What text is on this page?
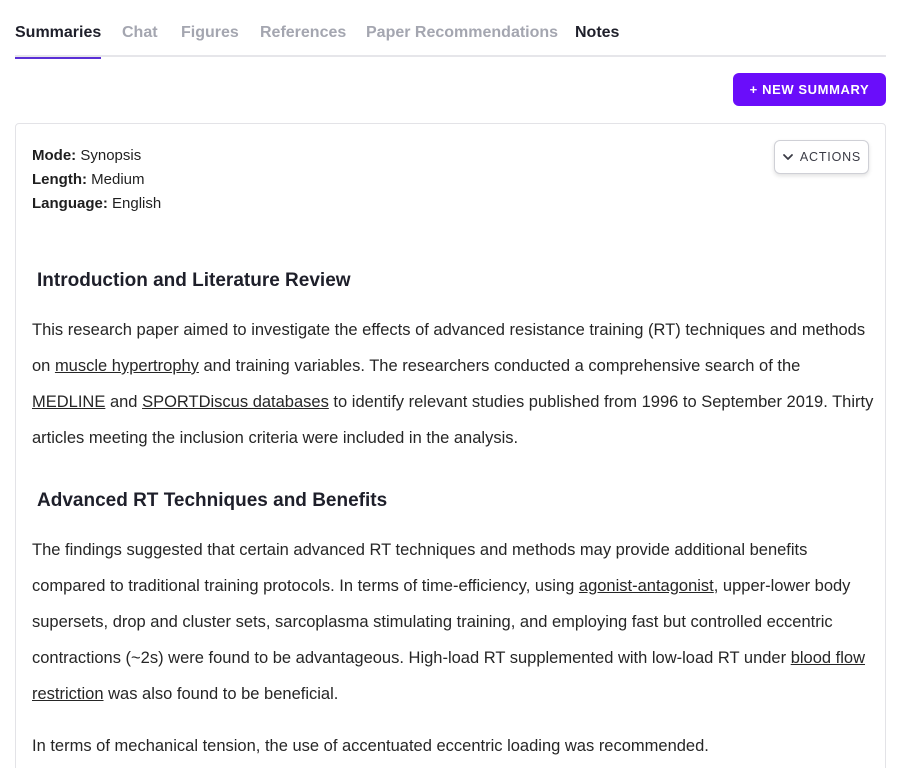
Summaries Chat Figures References Paper Recommendations Notes
+ NEW SUMMARY
Mode: Synopsis
Length: Medium
Language: English
ACTIONS
Introduction and Literature Review

This research paper aimed to investigate the effects of advanced resistance training (RT) techniques and methods on muscle hypertrophy and training variables. The researchers conducted a comprehensive search of the MEDLINE and SPORTDiscus databases to identify relevant studies published from 1996 to September 2019. Thirty articles meeting the inclusion criteria were included in the analysis.

Advanced RT Techniques and Benefits

The findings suggested that certain advanced RT techniques and methods may provide additional benefits compared to traditional training protocols. In terms of time-efficiency, using agonist-antagonist, upper-lower body supersets, drop and cluster sets, sarcoplasma stimulating training, and employing fast but controlled eccentric contractions (~2s) were found to be advantageous. High-load RT supplemented with low-load RT under blood flow restriction was also found to be beneficial.

In terms of mechanical tension, the use of accentuated eccentric loading was recommended.
